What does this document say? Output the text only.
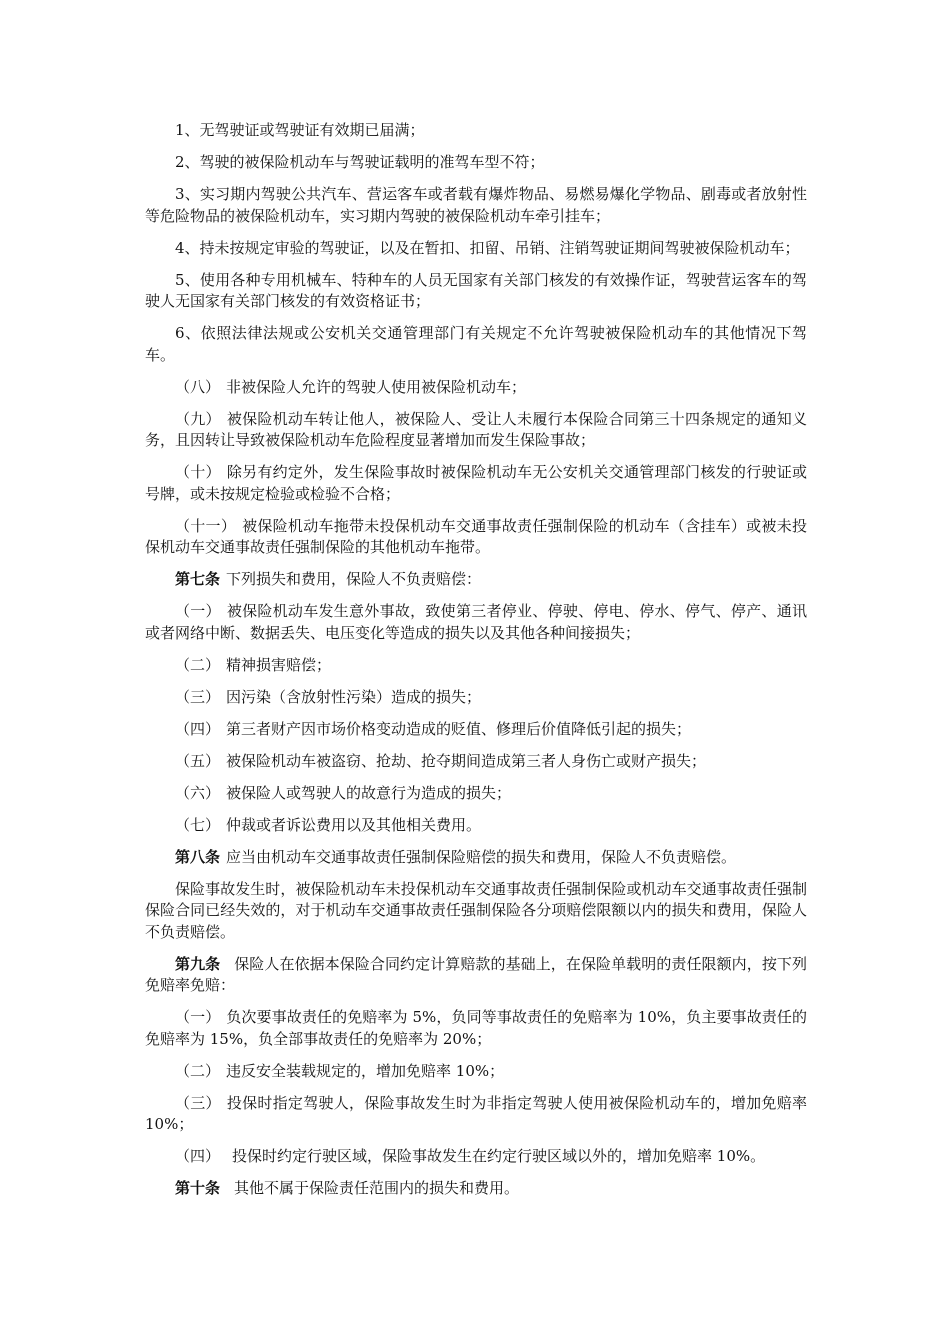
1、无驾驶证或驾驶证有效期已届满；

2、驾驶的被保险机动车与驾驶证载明的准驾车型不符；

3、实习期内驾驶公共汽车、营运客车或者载有爆炸物品、易燃易爆化学物品、剧毒或者放射性等危险物品的被保险机动车，实习期内驾驶的被保险机动车牵引挂车；

4、持未按规定审验的驾驶证，以及在暂扣、扣留、吊销、注销驾驶证期间驾驶被保险机动车；

5、使用各种专用机械车、特种车的人员无国家有关部门核发的有效操作证，驾驶营运客车的驾驶人无国家有关部门核发的有效资格证书；

6、依照法律法规或公安机关交通管理部门有关规定不允许驾驶被保险机动车的其他情况下驾车。

（八） 非被保险人允许的驾驶人使用被保险机动车；

（九） 被保险机动车转让他人，被保险人、受让人未履行本保险合同第三十四条规定的通知义务，且因转让导致被保险机动车危险程度显著增加而发生保险事故；

（十） 除另有约定外，发生保险事故时被保险机动车无公安机关交通管理部门核发的行驶证或号牌，或未按规定检验或检验不合格；

（十一） 被保险机动车拖带未投保机动车交通事故责任强制保险的机动车（含挂车）或被未投保机动车交通事故责任强制保险的其他机动车拖带。

第七条 下列损失和费用，保险人不负责赔偿：

（一） 被保险机动车发生意外事故，致使第三者停业、停驶、停电、停水、停气、停产、通讯或者网络中断、数据丢失、电压变化等造成的损失以及其他各种间接损失；

（二） 精神损害赔偿；

（三） 因污染（含放射性污染）造成的损失；

（四） 第三者财产因市场价格变动造成的贬值、修理后价值降低引起的损失；

（五） 被保险机动车被盗窃、抢劫、抢夺期间造成第三者人身伤亡或财产损失；

（六） 被保险人或驾驶人的故意行为造成的损失；

（七） 仲裁或者诉讼费用以及其他相关费用。

第八条 应当由机动车交通事故责任强制保险赔偿的损失和费用，保险人不负责赔偿。

保险事故发生时，被保险机动车未投保机动车交通事故责任强制保险或机动车交通事故责任强制保险合同已经失效的，对于机动车交通事故责任强制保险各分项赔偿限额以内的损失和费用，保险人不负责赔偿。

第九条 保险人在依据本保险合同约定计算赔款的基础上，在保险单载明的责任限额内，按下列免赔率免赔：

（一） 负次要事故责任的免赔率为 5%，负同等事故责任的免赔率为 10%，负主要事故责任的免赔率为 15%，负全部事故责任的免赔率为 20%；

（二） 违反安全装载规定的，增加免赔率 10%；

（三） 投保时指定驾驶人，保险事故发生时为非指定驾驶人使用被保险机动车的，增加免赔率 10%；

（四） 投保时约定行驶区域，保险事故发生在约定行驶区域以外的，增加免赔率 10%。

第十条 其他不属于保险责任范围内的损失和费用。
